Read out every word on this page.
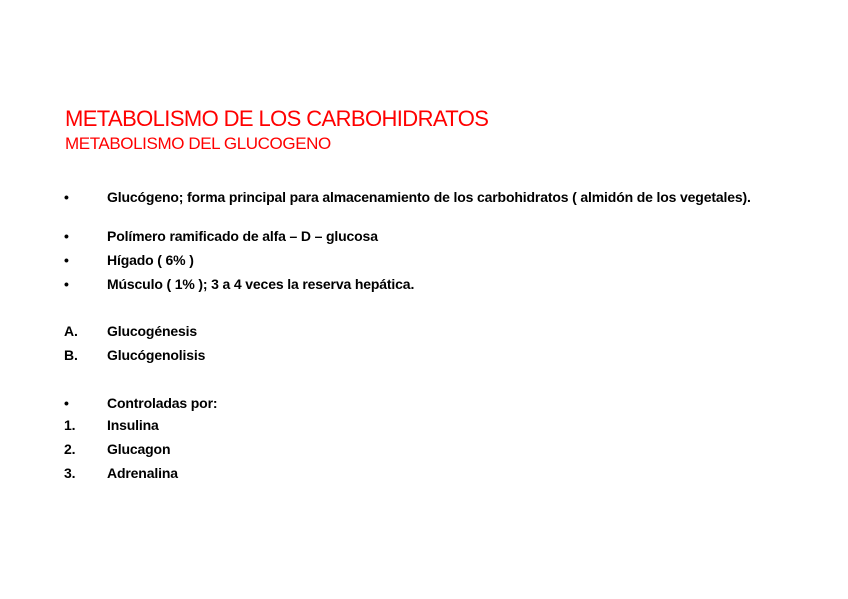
METABOLISMO DE LOS CARBOHIDRATOS
METABOLISMO DEL GLUCOGENO
•	Glucógeno; forma principal para almacenamiento de los carbohidratos ( almidón de los vegetales).
•	Polímero ramificado de alfa – D – glucosa
•	Hígado ( 6% )
•	Músculo ( 1% ); 3 a 4 veces la reserva hepática.
A. Glucogénesis
B. Glucógenolisis
•	Controladas por:
1. Insulina
2. Glucagon
3. Adrenalina
